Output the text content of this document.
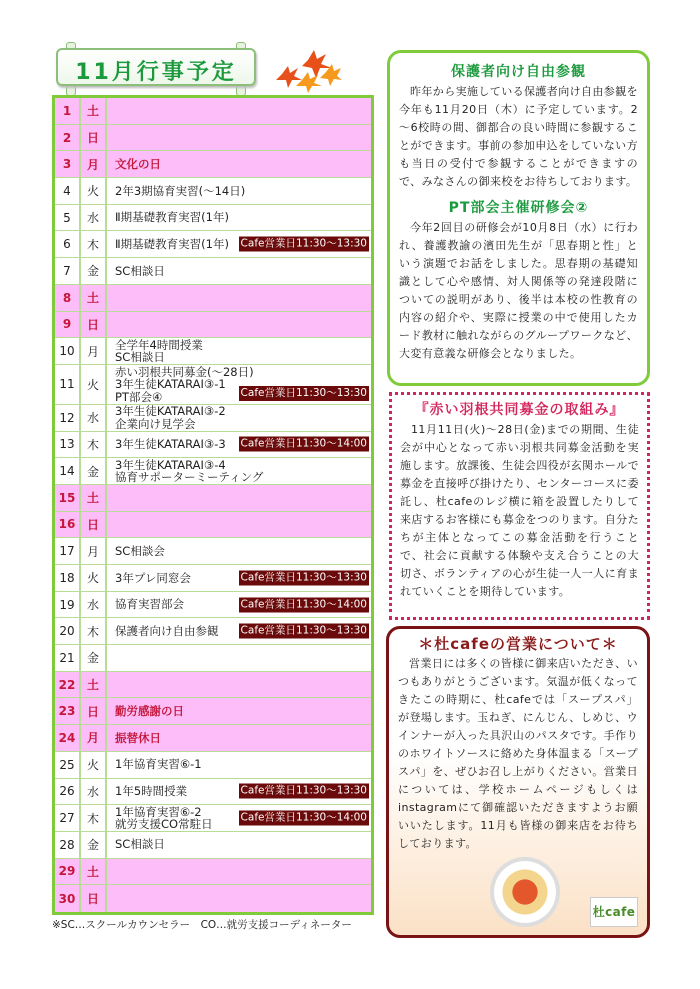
11月行事予定
1	土
2	日
3	月	文化の日
4	火	2年3期協育実習(～14日)
5	水	Ⅱ期基礎教育実習(1年)
6	木	Ⅱ期基礎教育実習(1年)	Cafe営業日11:30～13:30
7	金	SC相談日
8	土
9	日
10	月	全学年4時間授業
SC相談日
11	火
赤い羽根共同募金(～28日)
3年生徒KATARAI③-1
PT部会④	Cafe営業日11:30～13:30
12	水	3年生徒KATARAI③-2
企業向け見学会
13	木	3年生徒KATARAI③-3	Cafe営業日11:30～14:00
14	金	3年生徒KATARAI③-4
協育サポーターミーティング
15 土
16 日
17	月	SC相談会
18	火	3年プレ同窓会	Cafe営業日11:30～13:30
19	水	協育実習部会	Cafe営業日11:30～14:00
20	木	保護者向け自由参観	Cafe営業日11:30～13:30
21	金
22 土
23 日	勤労感謝の日
24 月	振替休日
25	火	1年協育実習⑥-1
26	水	1年5時間授業	Cafe営業日11:30～13:30
27	木	1年協育実習⑥-2
就労支援CO常駐日	Cafe営業日11:30～14:00
28	金	SC相談日
29 土
30 日
※SC…スクールカウンセラー　CO…就労支援コーディネーター
保護者向け自由参観

昨年から実施している保護者向け自由参観を今年も11月20日（木）に予定しています。2～6校時の間、御都合の良い時間に参観することができます。事前の参加申込をしていない方も当日の受付で参観することができますので、みなさんの御来校をお待ちしております。

PT部会主催研修会②

今年2回目の研修会が10月8日（水）に行われ、養護教諭の濱田先生が「思春期と性」という演題でお話をしました。思春期の基礎知識として心や感情、対人関係等の発達段階についての説明があり、後半は本校の性教育の内容の紹介や、実際に授業の中で使用したカード教材に触れながらのグループワークなど、大変有意義な研修会となりました。

『赤い羽根共同募金の取組み』

11月11日(火)～28日(金)までの期間、生徒会が中心となって赤い羽根共同募金活動を実施します。放課後、生徒会四役が玄関ホールで募金を直接呼び掛けたり、センターコースに委託し、杜cafeのレジ横に箱を設置したりして来店するお客様にも募金をつのります。自分たちが主体となってこの募金活動を行うことで、社会に貢献する体験や支え合うことの大切さ、ボランティアの心が生徒一人一人に育まれていくことを期待しています。

＊杜cafeの営業について＊

営業日には多くの皆様に御来店いただき、いつもありがとうございます。気温が低くなってきたこの時期に、杜cafeでは「スープスパ」が登場します。玉ねぎ、にんじん、しめじ、ウインナーが入った具沢山のパスタです。手作りのホワイトソースに絡めた身体温まる「スープスパ」を、ぜひお召し上がりください。営業日については、学校ホームページもしくはinstagramにて御確認いただきますようお願いいたします。11月も皆様の御来店をお待ちしております。

杜cafe
